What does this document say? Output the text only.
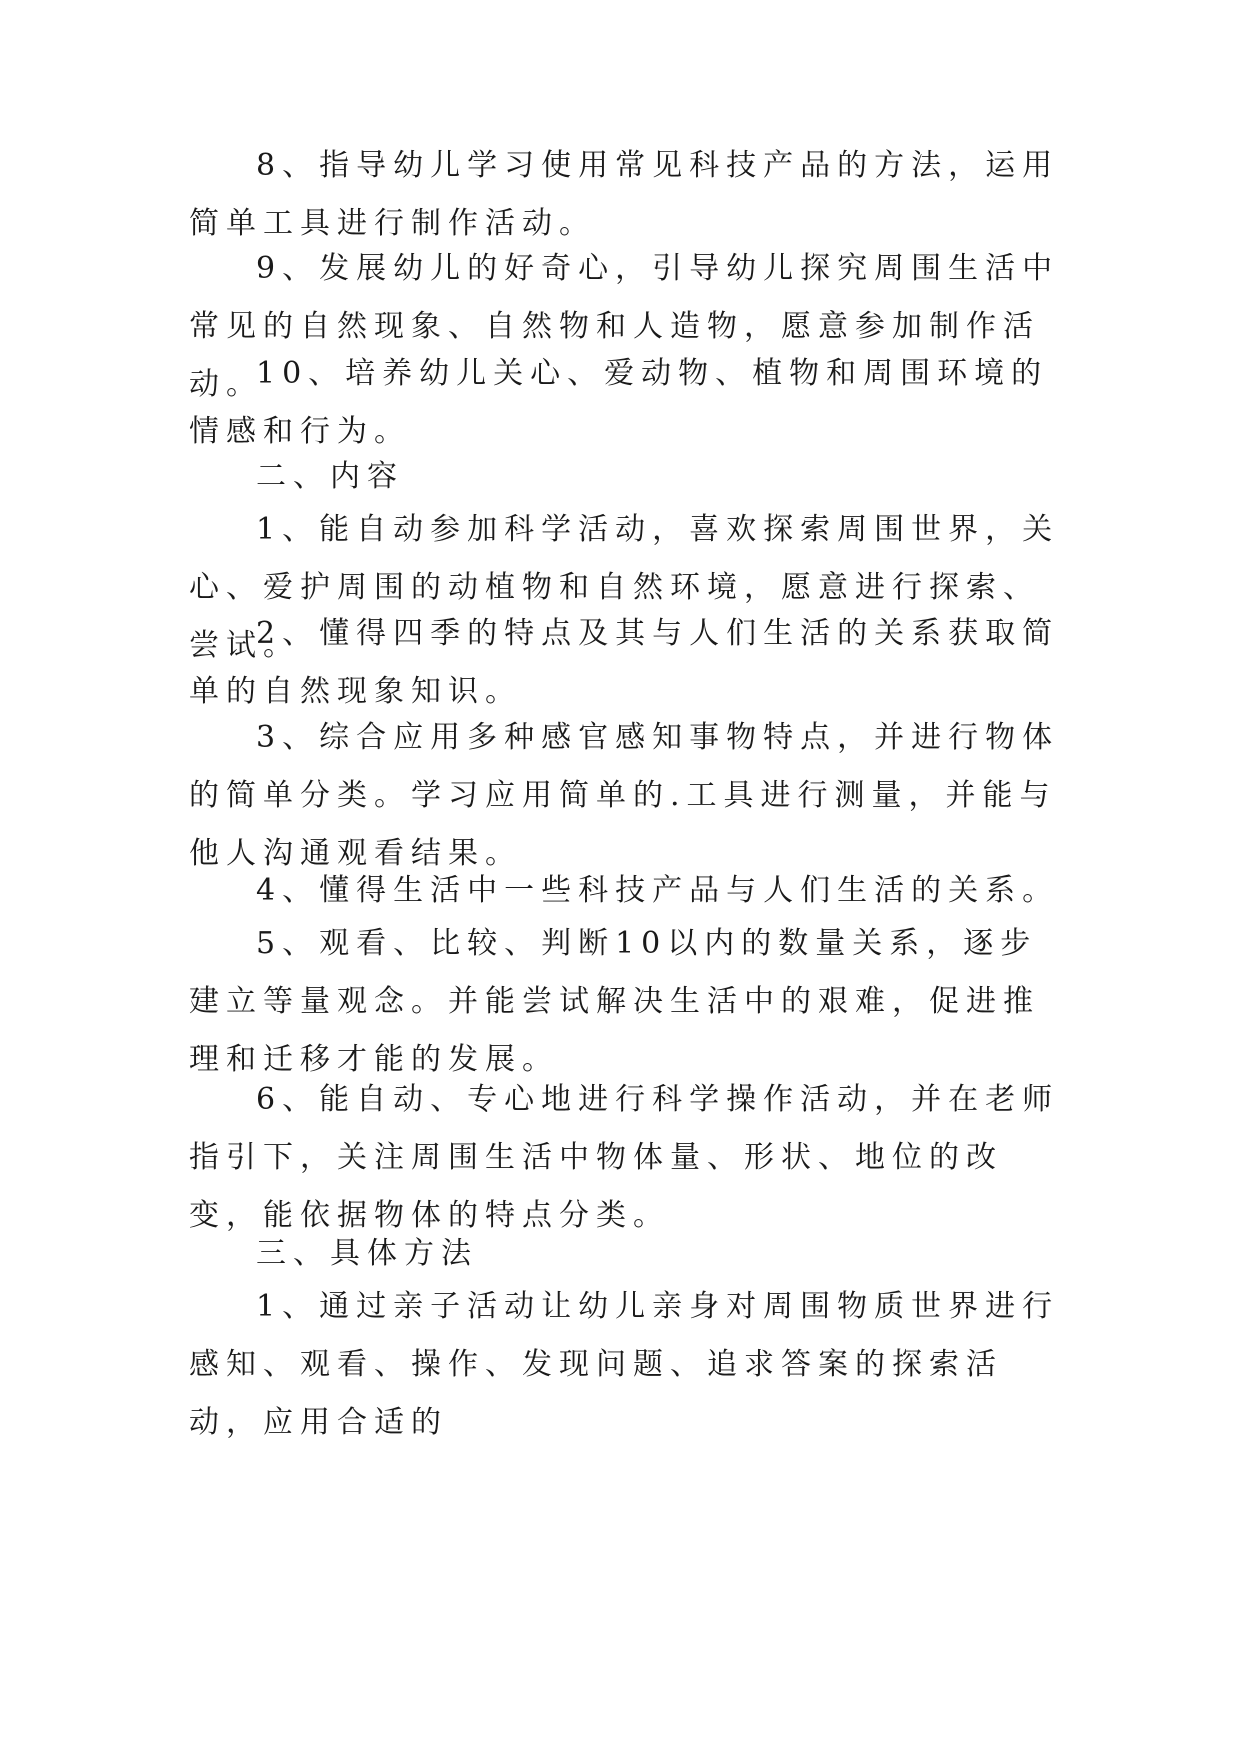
8、指导幼儿学习使用常见科技产品的方法，运用简单工具进行制作活动。

9、发展幼儿的好奇心，引导幼儿探究周围生活中常见的自然现象、自然物和人造物，愿意参加制作活动。

10、培养幼儿关心、爱动物、植物和周围环境的情感和行为。

二、内容

1、能自动参加科学活动，喜欢探索周围世界，关心、爱护周围的动植物和自然环境，愿意进行探索、尝试。

2、懂得四季的特点及其与人们生活的关系获取简单的自然现象知识。

3、综合应用多种感官感知事物特点，并进行物体的简单分类。学习应用简单的.工具进行测量，并能与他人沟通观看结果。

4、懂得生活中一些科技产品与人们生活的关系。

5、观看、比较、判断10以内的数量关系，逐步建立等量观念。并能尝试解决生活中的艰难，促进推理和迁移才能的发展。

6、能自动、专心地进行科学操作活动，并在老师指引下，关注周围生活中物体量、形状、地位的改变，能依据物体的特点分类。

三、具体方法

1、通过亲子活动让幼儿亲身对周围物质世界进行感知、观看、操作、发现问题、追求答案的探索活动，应用合适的
